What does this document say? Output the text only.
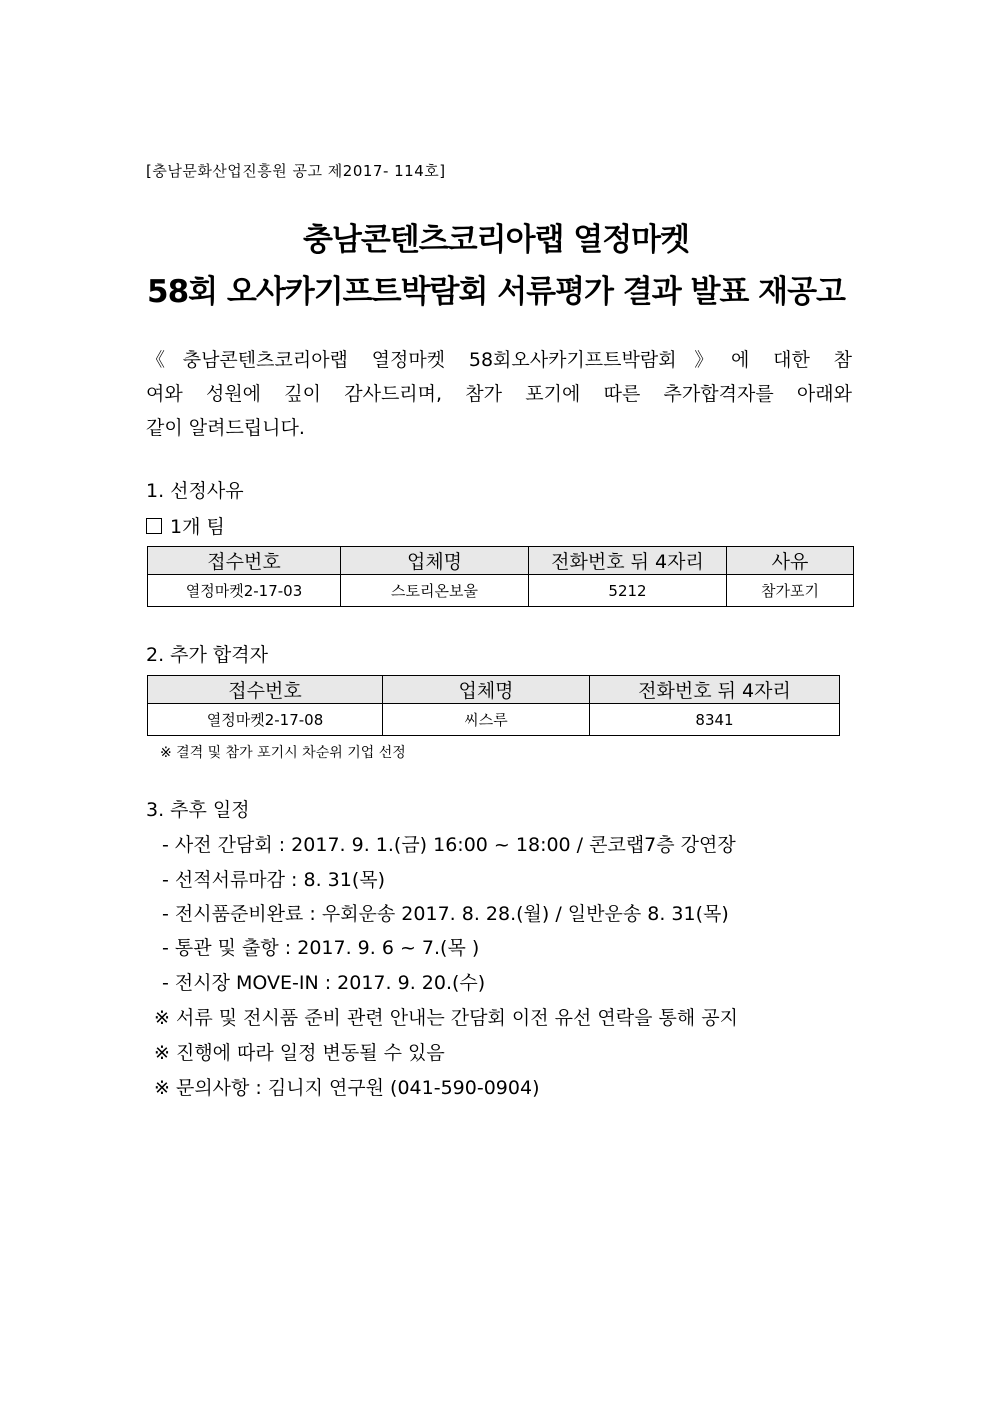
[충남문화산업진흥원 공고 제2017- 114호]
충남콘텐츠코리아랩 열정마켓
58회 오사카기프트박람회 서류평가 결과 발표 재공고
《충남콘텐츠코리아랩 열정마켓 58회오사카기프트박람회》에 대한 참
여와 성원에 깊이 감사드리며, 참가 포기에 따른 추가합격자를 아래와
같이 알려드립니다.
1. 선정사유
1개 팀
접수번호	업체명	전화번호 뒤 4자리	사유
열정마켓2-17-03	스토리온보울	5212	참가포기
2. 추가 합격자
접수번호	업체명	전화번호 뒤 4자리
열정마켓2-17-08	씨스루	8341
※ 결격 및 참가 포기시 차순위 기업 선정
3. 추후 일정
- 사전 간담회 : 2017. 9. 1.(금) 16:00 ~ 18:00 / 콘코랩7층 강연장
- 선적서류마감 : 8. 31(목)
- 전시품준비완료 : 우회운송 2017. 8. 28.(월) / 일반운송 8. 31(목)
- 통관 및 출항 : 2017. 9. 6 ~ 7.(목 )
- 전시장 MOVE-IN : 2017. 9. 20.(수)
※ 서류 및 전시품 준비 관련 안내는 간담회 이전 유선 연락을 통해 공지
※ 진행에 따라 일정 변동될 수 있음
※ 문의사항 : 김니지 연구원 (041-590-0904)
